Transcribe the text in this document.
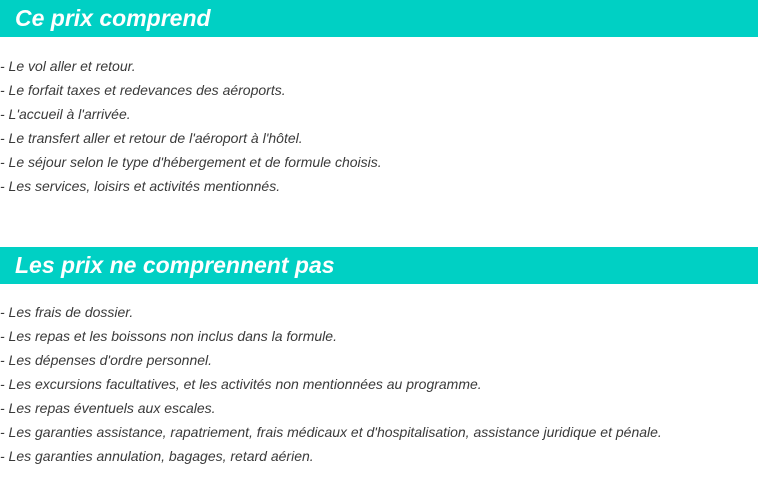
Ce prix comprend
- Le vol aller et retour.
- Le forfait taxes et redevances des aéroports.
- L'accueil à l'arrivée.
- Le transfert aller et retour de l'aéroport à l'hôtel.
- Le séjour selon le type d'hébergement et de formule choisis.
- Les services, loisirs et activités mentionnés.
Les prix ne comprennent pas
- Les frais de dossier.
- Les repas et les boissons non inclus dans la formule.
- Les dépenses d'ordre personnel.
- Les excursions facultatives, et les activités non mentionnées au programme.
- Les repas éventuels aux escales.
- Les garanties assistance, rapatriement, frais médicaux et d'hospitalisation, assistance juridique et pénale.
- Les garanties annulation, bagages, retard aérien.
